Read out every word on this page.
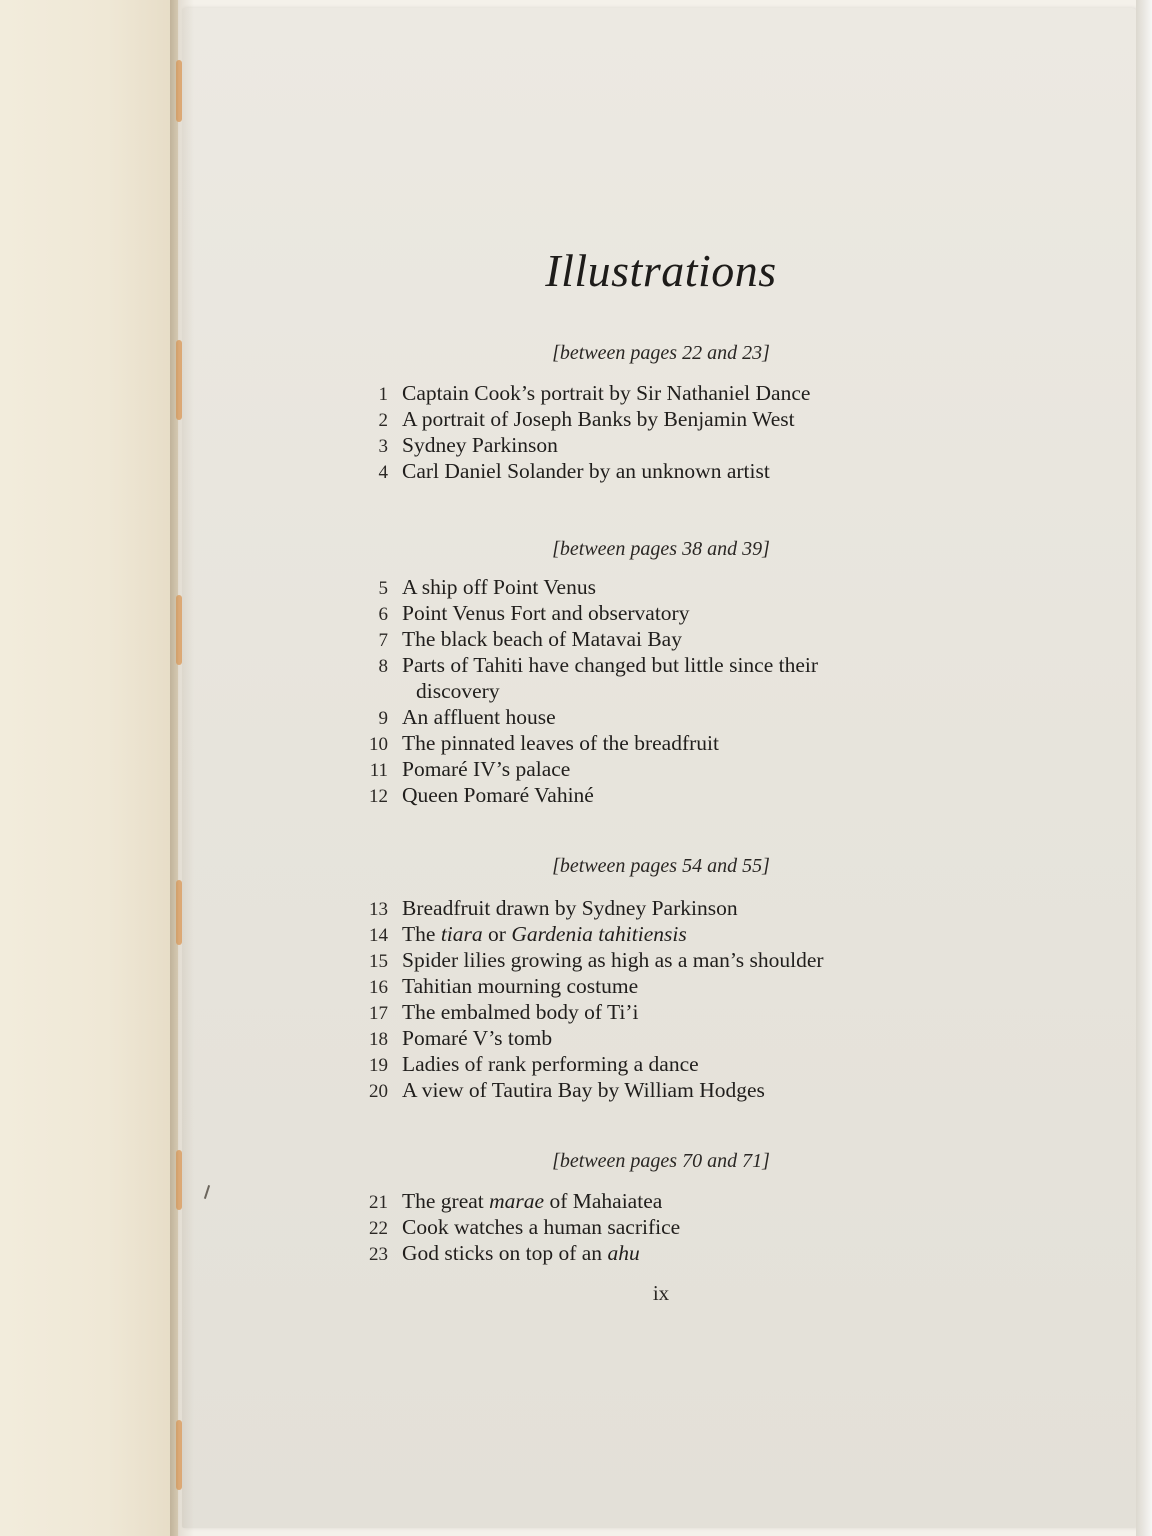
Illustrations
[between pages 22 and 23]
1 Captain Cook’s portrait by Sir Nathaniel Dance
2 A portrait of Joseph Banks by Benjamin West
3 Sydney Parkinson
4 Carl Daniel Solander by an unknown artist
[between pages 38 and 39]
5 A ship off Point Venus
6 Point Venus Fort and observatory
7 The black beach of Matavai Bay
8 Parts of Tahiti have changed but little since their
discovery
9 An affluent house
10 The pinnated leaves of the breadfruit
11 Pomaré IV’s palace
12 Queen Pomaré Vahiné
[between pages 54 and 55]
13 Breadfruit drawn by Sydney Parkinson
14 The tiara or Gardenia tahitiensis
15 Spider lilies growing as high as a man’s shoulder
16 Tahitian mourning costume
17 The embalmed body of Ti’i
18 Pomaré V’s tomb
19 Ladies of rank performing a dance
20 A view of Tautira Bay by William Hodges
[between pages 70 and 71]
21 The great marae of Mahaiatea
22 Cook watches a human sacrifice
23 God sticks on top of an ahu
ix
